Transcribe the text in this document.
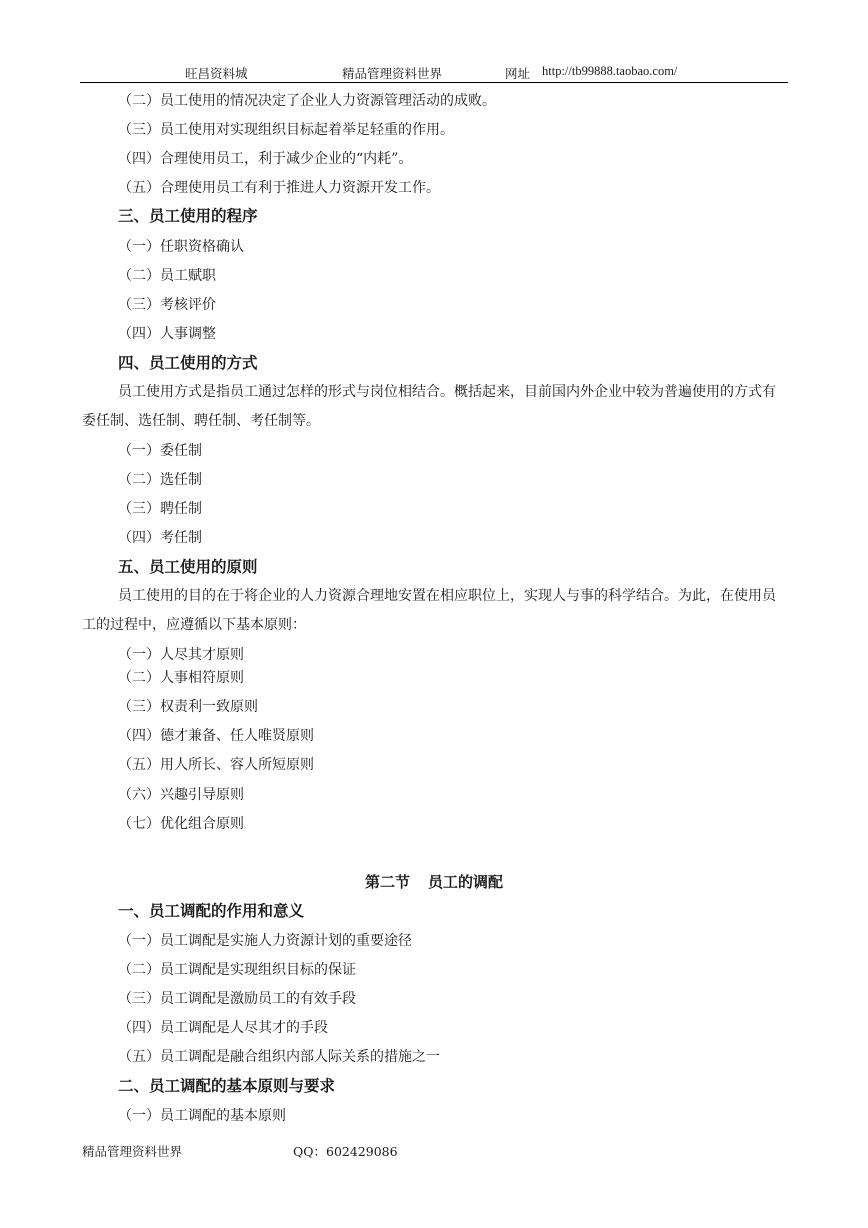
旺昌资料城	精品管理资料世界	网址 http://tb99888.taobao.com/
（二）员工使用的情况决定了企业人力资源管理活动的成败。
（三）员工使用对实现组织目标起着举足轻重的作用。
（四）合理使用员工，利于减少企业的“内耗”。
（五）合理使用员工有利于推进人力资源开发工作。
三、员工使用的程序
（一）任职资格确认
（二）员工赋职
（三）考核评价
（四）人事调整
四、员工使用的方式
员工使用方式是指员工通过怎样的形式与岗位相结合。概括起来，目前国内外企业中较为普遍使用的方式有委任制、选任制、聘任制、考任制等。
（一）委任制
（二）选任制
（三）聘任制
（四）考任制
五、员工使用的原则
员工使用的目的在于将企业的人力资源合理地安置在相应职位上，实现人与事的科学结合。为此，在使用员工的过程中，应遵循以下基本原则：
（一）人尽其才原则
（二）人事相符原则
（三）权责利一致原则
（四）德才兼备、任人唯贤原则
（五）用人所长、容人所短原则
（六）兴趣引导原则
（七）优化组合原则
第二节 员工的调配
一、员工调配的作用和意义
（一）员工调配是实施人力资源计划的重要途径
（二）员工调配是实现组织目标的保证
（三）员工调配是激励员工的有效手段
（四）员工调配是人尽其才的手段
（五）员工调配是融合组织内部人际关系的措施之一
二、员工调配的基本原则与要求
（一）员工调配的基本原则
精品管理资料世界	QQ：602429086
